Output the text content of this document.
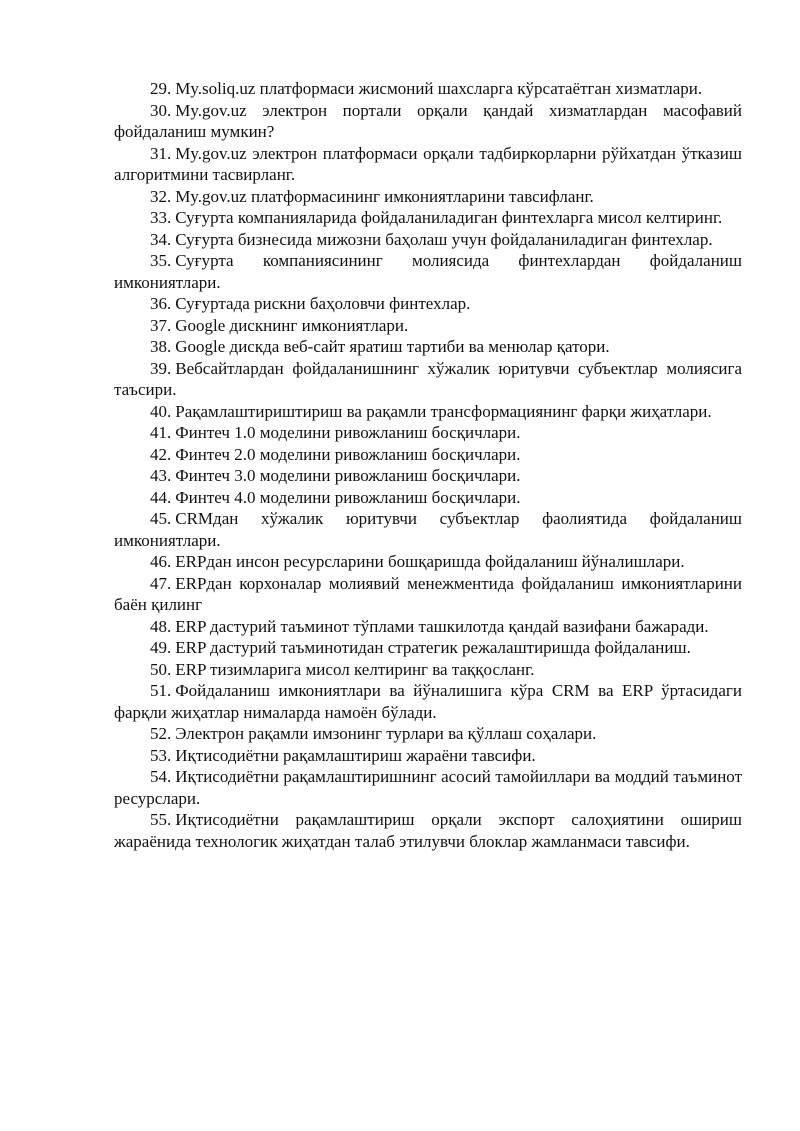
29. My.soliq.uz платформаси жисмоний шахсларга кўрсатаётган хизматлари.

30. My.gov.uz электрон портали орқали қандай хизматлардан масофавий фойдаланиш мумкин?

31. My.gov.uz электрон платформаси орқали тадбиркорларни рўйхатдан ўтказиш алгоритмини тасвирланг.

32. My.gov.uz платформасининг имкониятларини тавсифланг.

33. Суғурта компанияларида фойдаланиладиган финтехларга мисол келтиринг.

34. Суғурта бизнесида мижозни баҳолаш учун фойдаланиладиган финтехлар.

35. Суғурта компаниясининг молиясида финтехлардан фойдаланиш имкониятлари.

36. Суғуртада рискни баҳоловчи финтехлар.

37. Google дискнинг имкониятлари.

38. Google дискда веб-сайт яратиш тартиби ва менюлар қатори.

39. Вебсайтлардан фойдаланишнинг хўжалик юритувчи субъектлар молиясига таъсири.

40. Рақамлаштириштириш ва рақамли трансформациянинг фарқи жиҳатлари.

41. Финтеч 1.0 моделини ривожланиш босқичлари.

42. Финтеч 2.0 моделини ривожланиш босқичлари.

43. Финтеч 3.0 моделини ривожланиш босқичлари.

44. Финтеч 4.0 моделини ривожланиш босқичлари.

45. CRMдан хўжалик юритувчи субъектлар фаолиятида фойдаланиш имкониятлари.

46. ERPдан инсон ресурсларини бошқаришда фойдаланиш йўналишлари.

47. ERPдан корхоналар молиявий менежментида фойдаланиш имкониятларини баён қилинг

48. ERP дастурий таъминот тўплами ташкилотда қандай вазифани бажаради.

49. ERP дастурий таъминотидан стратегик режалаштиришда фойдаланиш.

50. ERP тизимларига мисол келтиринг ва таққосланг.

51. Фойдаланиш имкониятлари ва йўналишига кўра CRM ва ERP ўртасидаги фарқли жиҳатлар нималарда намоён бўлади.

52. Электрон рақамли имзонинг турлари ва қўллаш соҳалари.

53. Иқтисодиётни рақамлаштириш жараёни тавсифи.

54. Иқтисодиётни рақамлаштиришнинг асосий тамойиллари ва моддий таъминот ресурслари.

55. Иқтисодиётни рақамлаштириш орқали экспорт салоҳиятини ошириш жараёнида технологик жиҳатдан талаб этилувчи блоклар жамланмаси тавсифи.
